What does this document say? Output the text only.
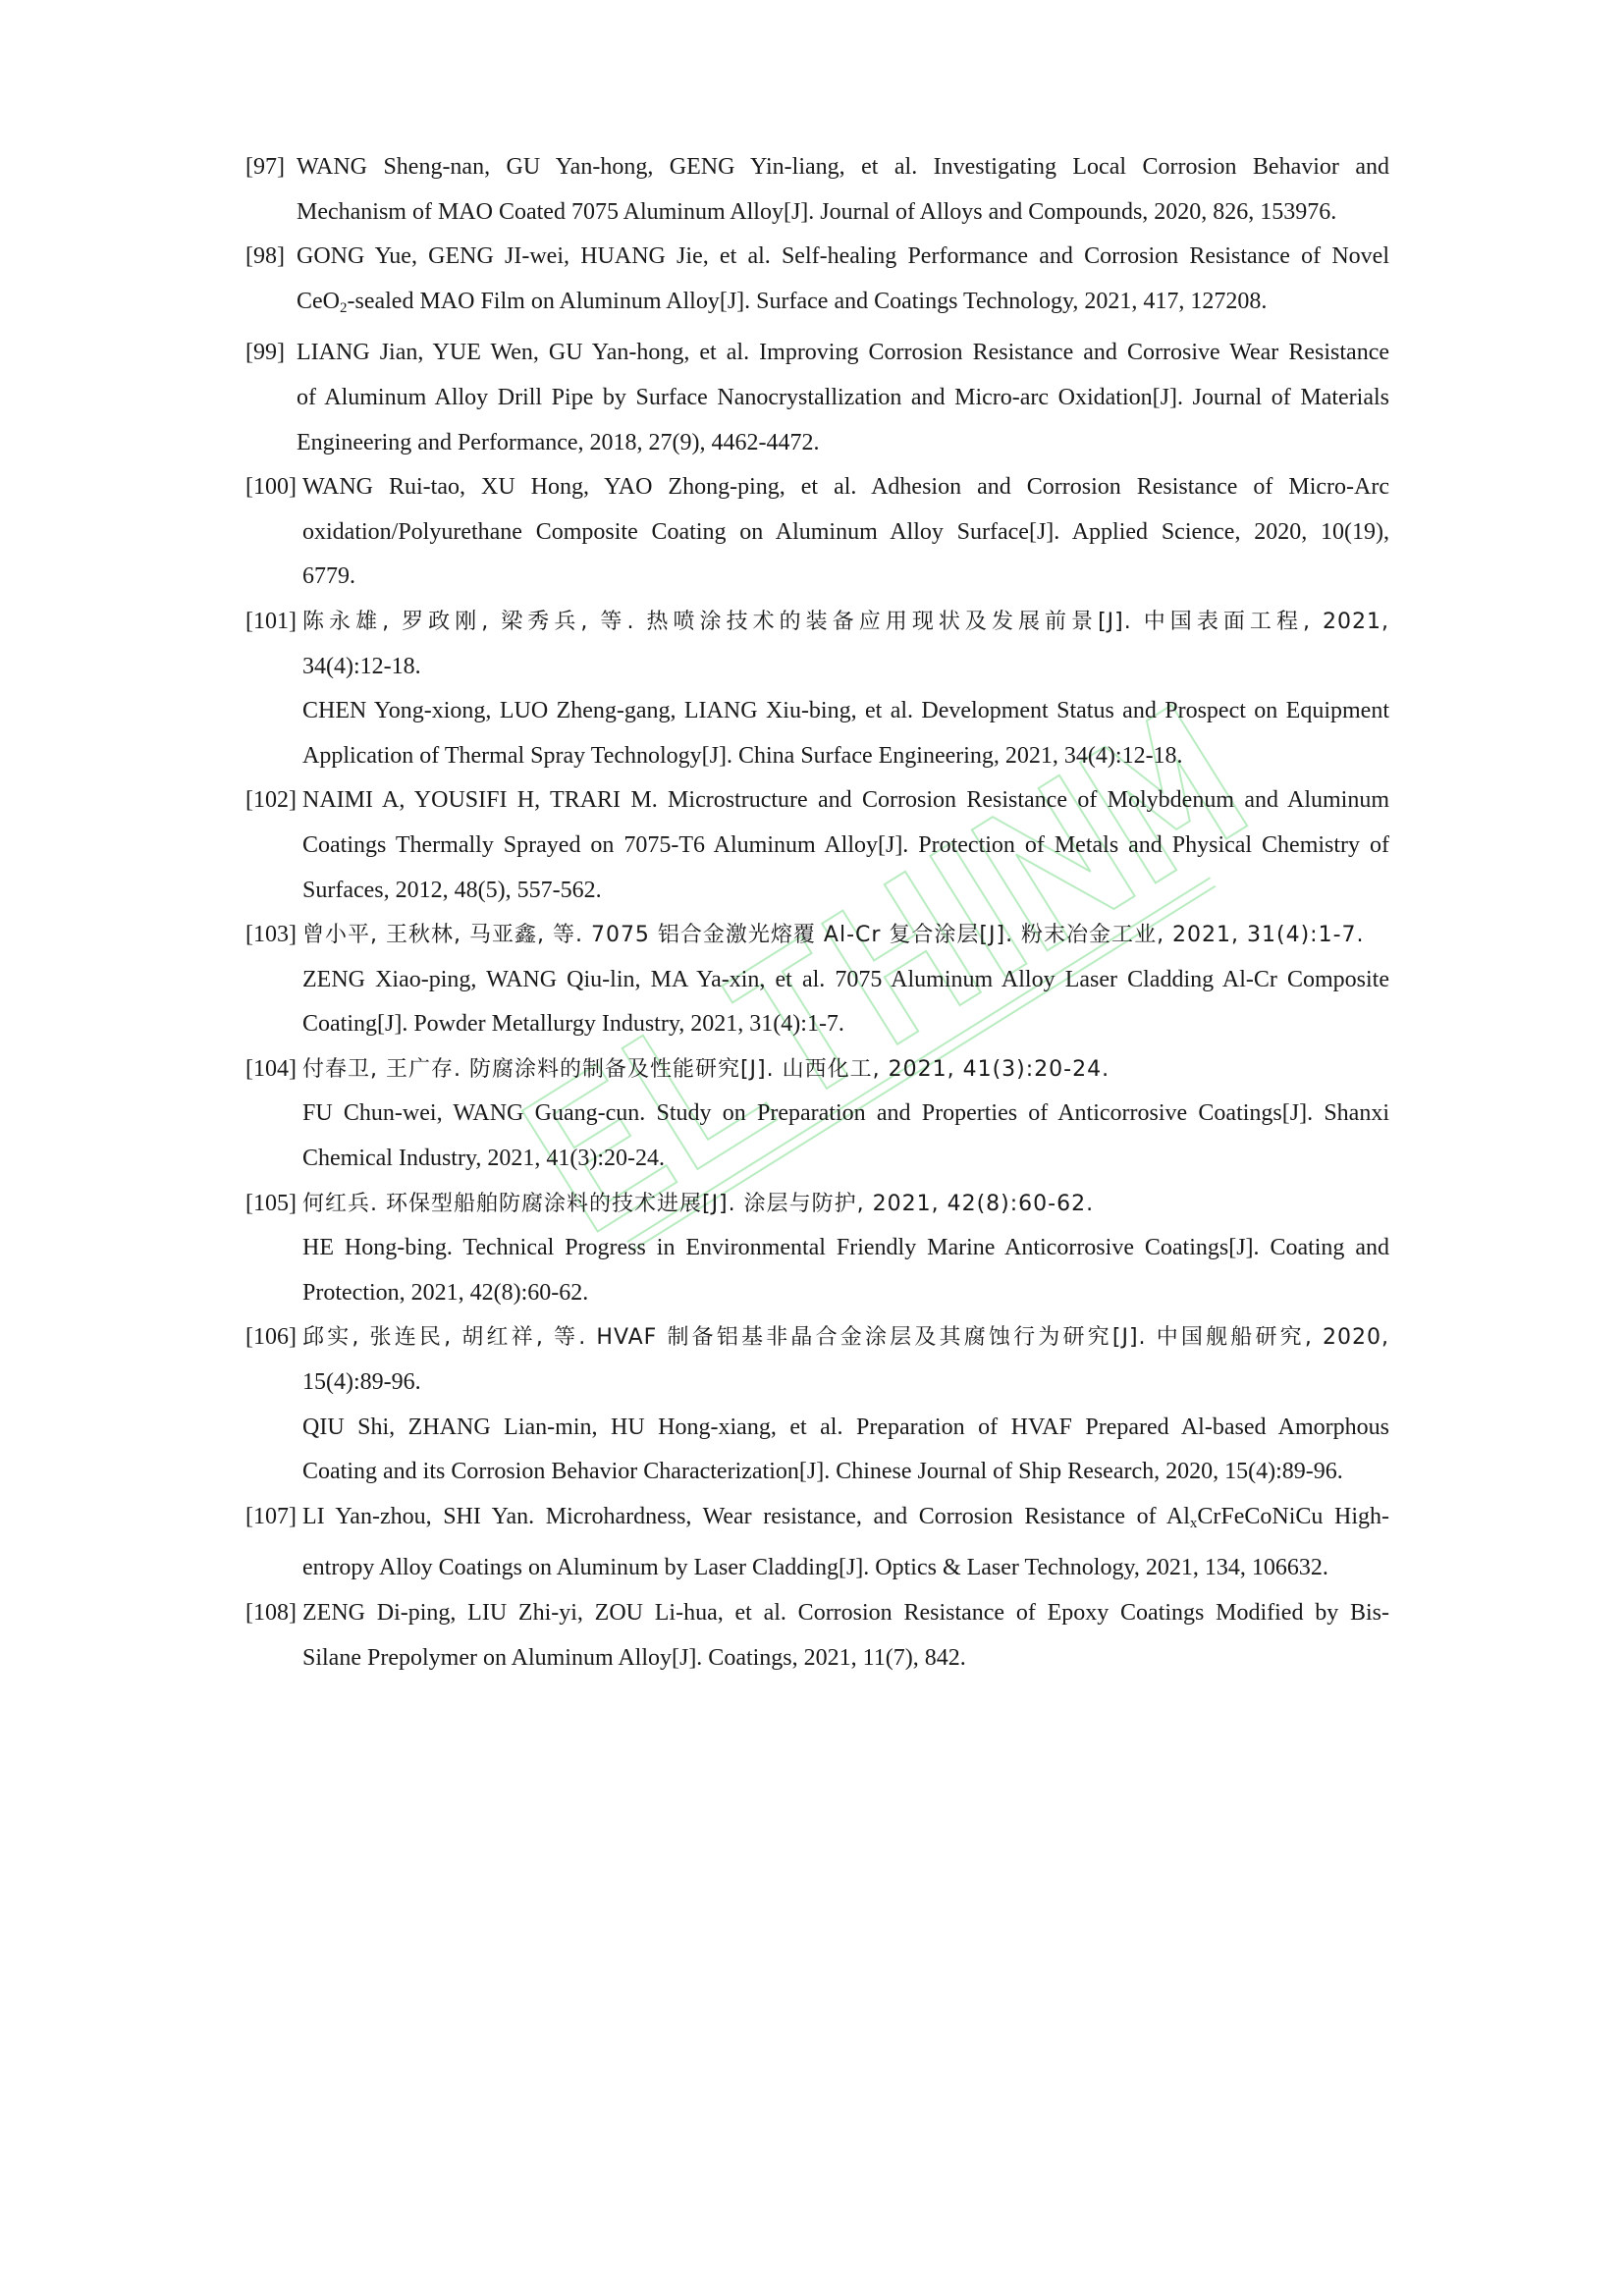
[97] WANG Sheng-nan, GU Yan-hong, GENG Yin-liang, et al. Investigating Local Corrosion Behavior and
Mechanism of MAO Coated 7075 Aluminum Alloy[J]. Journal of Alloys and Compounds, 2020, 826, 153976.
[98] GONG Yue, GENG JI-wei, HUANG Jie, et al. Self-healing Performance and Corrosion Resistance of Novel
CeO$_2$-sealed MAO Film on Aluminum Alloy[J]. Surface and Coatings Technology, 2021, 417, 127208.
[99] LIANG Jian, YUE Wen, GU Yan-hong, et al. Improving Corrosion Resistance and Corrosive Wear Resistance
of Aluminum Alloy Drill Pipe by Surface Nanocrystallization and Micro-arc Oxidation[J]. Journal of Materials
Engineering and Performance, 2018, 27(9), 4462-4472.
[100] WANG Rui-tao, XU Hong, YAO Zhong-ping, et al. Adhesion and Corrosion Resistance of Micro-Arc
oxidation/Polyurethane Composite Coating on Aluminum Alloy Surface[J]. Applied Science, 2020, 10(19),
6779.
[101] 陈永雄, 罗政刚, 梁秀兵, 等. 热喷涂技术的装备应用现状及发展前景[J]. 中国表面工程, 2021,
34(4):12-18.
CHEN Yong-xiong, LUO Zheng-gang, LIANG Xiu-bing, et al. Development Status and Prospect on Equipment
Application of Thermal Spray Technology[J]. China Surface Engineering, 2021, 34(4):12-18.
[102] NAIMI A, YOUSIFI H, TRARI M. Microstructure and Corrosion Resistance of Molybdenum and Aluminum
Coatings Thermally Sprayed on 7075-T6 Aluminum Alloy[J]. Protection of Metals and Physical Chemistry of
Surfaces, 2012, 48(5), 557-562.
[103] 曾小平, 王秋林, 马亚鑫, 等. 7075 铝合金激光熔覆 Al-Cr 复合涂层[J]. 粉末冶金工业, 2021, 31(4):1-7.
ZENG Xiao-ping, WANG Qiu-lin, MA Ya-xin, et al. 7075 Aluminum Alloy Laser Cladding Al-Cr Composite
Coating[J]. Powder Metallurgy Industry, 2021, 31(4):1-7.
[104] 付春卫, 王广存. 防腐涂料的制备及性能研究[J]. 山西化工, 2021, 41(3):20-24.
FU Chun-wei, WANG Guang-cun. Study on Preparation and Properties of Anticorrosive Coatings[J]. Shanxi
Chemical Industry, 2021, 41(3):20-24.
[105] 何红兵. 环保型船舶防腐涂料的技术进展[J]. 涂层与防护, 2021, 42(8):60-62.
HE Hong-bing. Technical Progress in Environmental Friendly Marine Anticorrosive Coatings[J]. Coating and
Protection, 2021, 42(8):60-62.
[106] 邱实, 张连民, 胡红祥, 等. HVAF 制备铝基非晶合金涂层及其腐蚀行为研究[J]. 中国舰船研究, 2020,
15(4):89-96.
QIU Shi, ZHANG Lian-min, HU Hong-xiang, et al. Preparation of HVAF Prepared Al-based Amorphous
Coating and its Corrosion Behavior Characterization[J]. Chinese Journal of Ship Research, 2020, 15(4):89-96.
[107] LI Yan-zhou, SHI Yan. Microhardness, Wear resistance, and Corrosion Resistance of $Al_xCrFeCoNiCu$ High-
entropy Alloy Coatings on Aluminum by Laser Cladding[J]. Optics & Laser Technology, 2021, 134, 106632.
[108] ZENG Di-ping, LIU Zhi-yi, ZOU Li-hua, et al. Corrosion Resistance of Epoxy Coatings Modified by Bis-
Silane Prepolymer on Aluminum Alloy[J]. Coatings, 2021, 11(7), 842.
